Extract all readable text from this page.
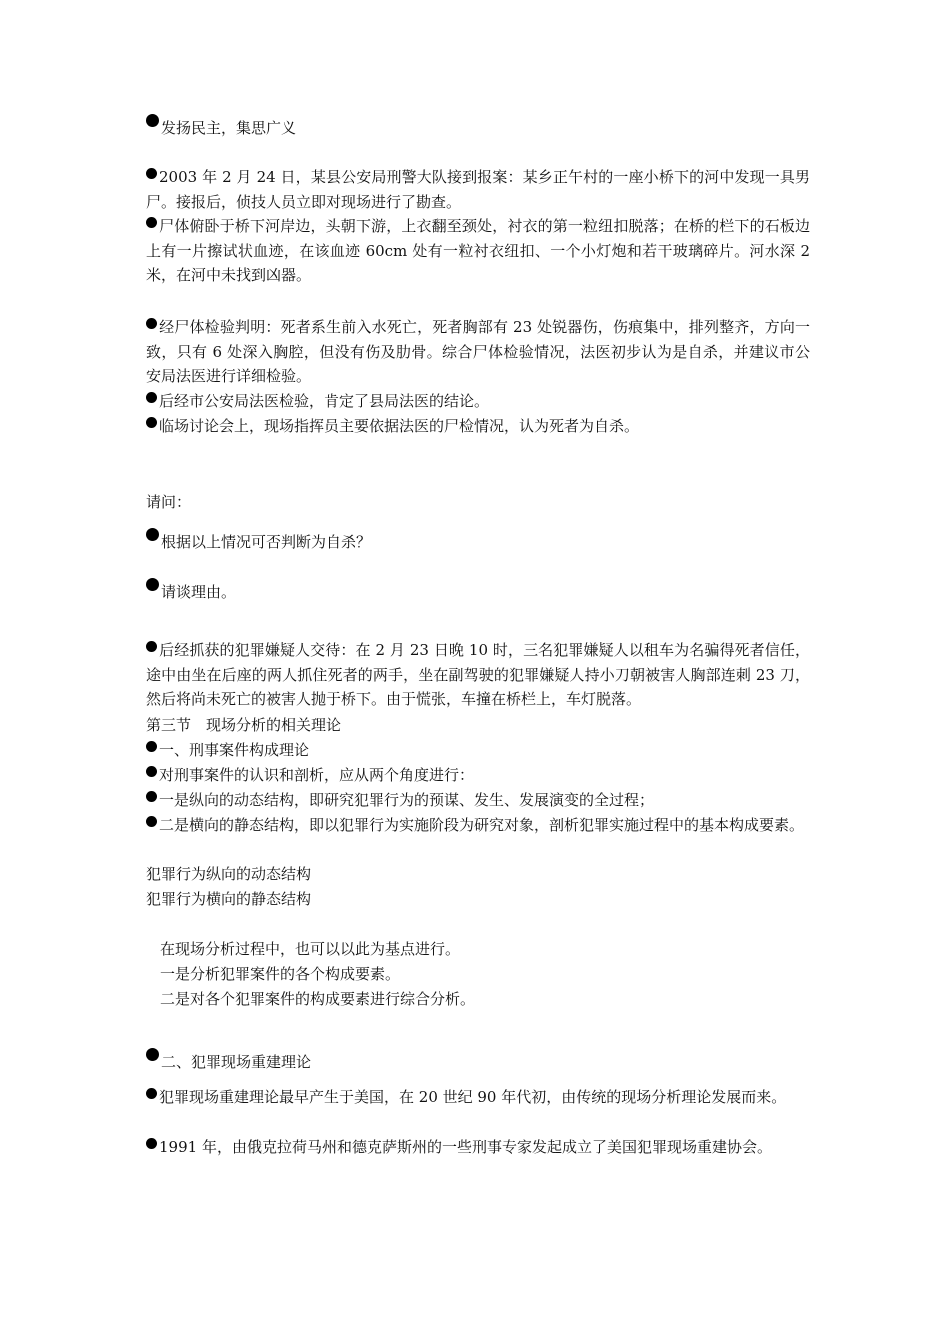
发扬民主，集思广义

2003 年 2 月 24 日，某县公安局刑警大队接到报案：某乡正午村的一座小桥下的河中发现一具男尸。接报后，侦技人员立即对现场进行了勘查。

尸体俯卧于桥下河岸边，头朝下游，上衣翻至颈处，衬衣的第一粒纽扣脱落；在桥的栏下的石板边上有一片擦试状血迹，在该血迹 60cm 处有一粒衬衣纽扣、一个小灯炮和若干玻璃碎片。河水深 2 米，在河中未找到凶器。

经尸体检验判明：死者系生前入水死亡，死者胸部有 23 处锐器伤，伤痕集中，排列整齐，方向一致，只有 6 处深入胸腔，但没有伤及肋骨。综合尸体检验情况，法医初步认为是自杀，并建议市公安局法医进行详细检验。

后经市公安局法医检验，肯定了县局法医的结论。

临场讨论会上，现场指挥员主要依据法医的尸检情况，认为死者为自杀。

请问：

根据以上情况可否判断为自杀？

请谈理由。

后经抓获的犯罪嫌疑人交待：在 2 月 23 日晚 10 时，三名犯罪嫌疑人以租车为名骗得死者信任，途中由坐在后座的两人抓住死者的两手，坐在副驾驶的犯罪嫌疑人持小刀朝被害人胸部连刺 23 刀，然后将尚未死亡的被害人抛于桥下。由于慌张，车撞在桥栏上，车灯脱落。

第三节　现场分析的相关理论

一、刑事案件构成理论

对刑事案件的认识和剖析，应从两个角度进行：

一是纵向的动态结构，即研究犯罪行为的预谋、发生、发展演变的全过程；

二是横向的静态结构，即以犯罪行为实施阶段为研究对象，剖析犯罪实施过程中的基本构成要素。

犯罪行为纵向的动态结构

犯罪行为横向的静态结构

在现场分析过程中，也可以以此为基点进行。

一是分析犯罪案件的各个构成要素。

二是对各个犯罪案件的构成要素进行综合分析。

二、犯罪现场重建理论

犯罪现场重建理论最早产生于美国，在 20 世纪 90 年代初，由传统的现场分析理论发展而来。

1991 年，由俄克拉荷马州和德克萨斯州的一些刑事专家发起成立了美国犯罪现场重建协会。
